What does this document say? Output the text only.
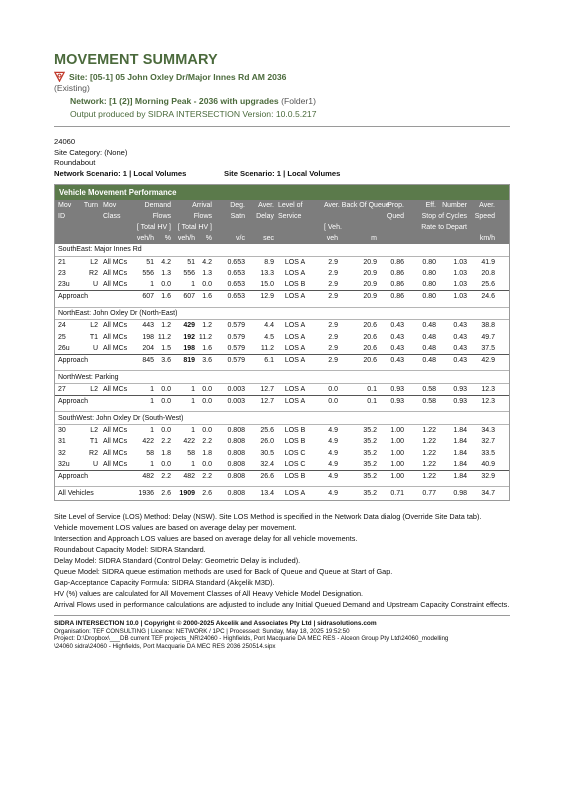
MOVEMENT SUMMARY
Site: [05-1] 05 John Oxley Dr/Major Innes Rd AM 2036
(Existing)
Network: [1 (2)] Morning Peak - 2036 with upgrades (Folder1)
Output produced by SIDRA INTERSECTION Version: 10.0.5.217
24060
Site Category: (None)
Roundabout
Network Scenario: 1 | Local Volumes	Site Scenario: 1 | Local Volumes
Vehicle Movement Performance
Mov	Turn Mov	Demand	Arrival	Deg.	Aver. Level of	Aver. Back Of Queue
Prop.	Eff. Number	Aver.
ID	Class	Flows	Flows	Satn	Delay Service	Qued	Stop of Cycles	Speed
[ Total HV ] [ Total HV ]	[ Veh.	Rate to Depart
veh/h	% veh/h	%	v/c	sec	veh	m	km/h
SouthEast: Major Innes Rd
21	L2 All MCs	51	4.2	51	4.2	0.653	8.9	LOS A	2.9	20.9	0.86	0.80	1.03	41.9
23	R2 All MCs	556	1.3	556	1.3	0.653	13.3	LOS A	2.9	20.9	0.86	0.80	1.03	20.8
23u	U All MCs	1	0.0	1	0.0	0.653	15.0	LOS B	2.9	20.9	0.86	0.80	1.03	25.6
Approach	607	1.6	607	1.6	0.653	12.9	LOS A	2.9	20.9	0.86	0.80	1.03	24.6
NorthEast: John Oxley Dr (North-East)
24	L2 All MCs	443	1.2	429	1.2	0.579	4.4	LOS A	2.9	20.6	0.43	0.48	0.43	38.8
25	T1 All MCs	198 11.2	192 11.2	0.579	4.5	LOS A	2.9	20.6	0.43	0.48	0.43	49.7
26u	U All MCs	204	1.5	198	1.6	0.579	11.2	LOS A	2.9	20.6	0.43	0.48	0.43	37.5
Approach	845	3.6	819	3.6	0.579	6.1	LOS A	2.9	20.6	0.43	0.48	0.43	42.9
NorthWest: Parking
27	L2 All MCs	1	0.0	1	0.0	0.003	12.7	LOS A	0.0	0.1	0.93	0.58	0.93	12.3
Approach	1	0.0	1	0.0	0.003	12.7	LOS A	0.0	0.1	0.93	0.58	0.93	12.3
SouthWest: John Oxley Dr (South-West)
30	L2 All MCs	1	0.0	1	0.0	0.808	25.6	LOS B	4.9	35.2	1.00	1.22	1.84	34.3
31	T1 All MCs	422	2.2	422	2.2	0.808	26.0	LOS B	4.9	35.2	1.00	1.22	1.84	32.7
32	R2 All MCs	58	1.8	58	1.8	0.808	30.5	LOS C	4.9	35.2	1.00	1.22	1.84	33.5
32u	U All MCs	1	0.0	1	0.0	0.808	32.4	LOS C	4.9	35.2	1.00	1.22	1.84	40.9
Approach	482	2.2	482	2.2	0.808	26.6	LOS B	4.9	35.2	1.00	1.22	1.84	32.9
All Vehicles	1936	2.6	1909	2.6	0.808	13.4	LOS A	4.9	35.2	0.71	0.77	0.98	34.7

Site Level of Service (LOS) Method: Delay (NSW). Site LOS Method is specified in the Network Data dialog (Override Site Data tab).

Vehicle movement LOS values are based on average delay per movement.

Intersection and Approach LOS values are based on average delay for all vehicle movements.

Roundabout Capacity Model: SIDRA Standard.

Delay Model: SIDRA Standard (Control Delay: Geometric Delay is included).

Queue Model: SIDRA queue estimation methods are used for Back of Queue and Queue at Start of Gap.

Gap-Acceptance Capacity Formula: SIDRA Standard (Akçelik M3D).

HV (%) values are calculated for All Movement Classes of All Heavy Vehicle Model Designation.

Arrival Flows used in performance calculations are adjusted to include any Initial Queued Demand and Upstream Capacity Constraint effects.

SIDRA INTERSECTION 10.0 | Copyright © 2000-2025 Akcelik and Associates Pty Ltd | sidrasolutions.com
Organisation: TEF CONSULTING | Licence: NETWORK / 1PC | Processed: Sunday, May 18, 2025 19:52:50
Project: D:\Dropbox\___DB current TEF projects_NR\24060 - Highfields, Port Macquarie DA MEC RES - Alceon Group Pty Ltd\24060_modelling
\24060 sidra\24060 - Highfields, Port Macquarie DA MEC RES 2036 250514.sipx
